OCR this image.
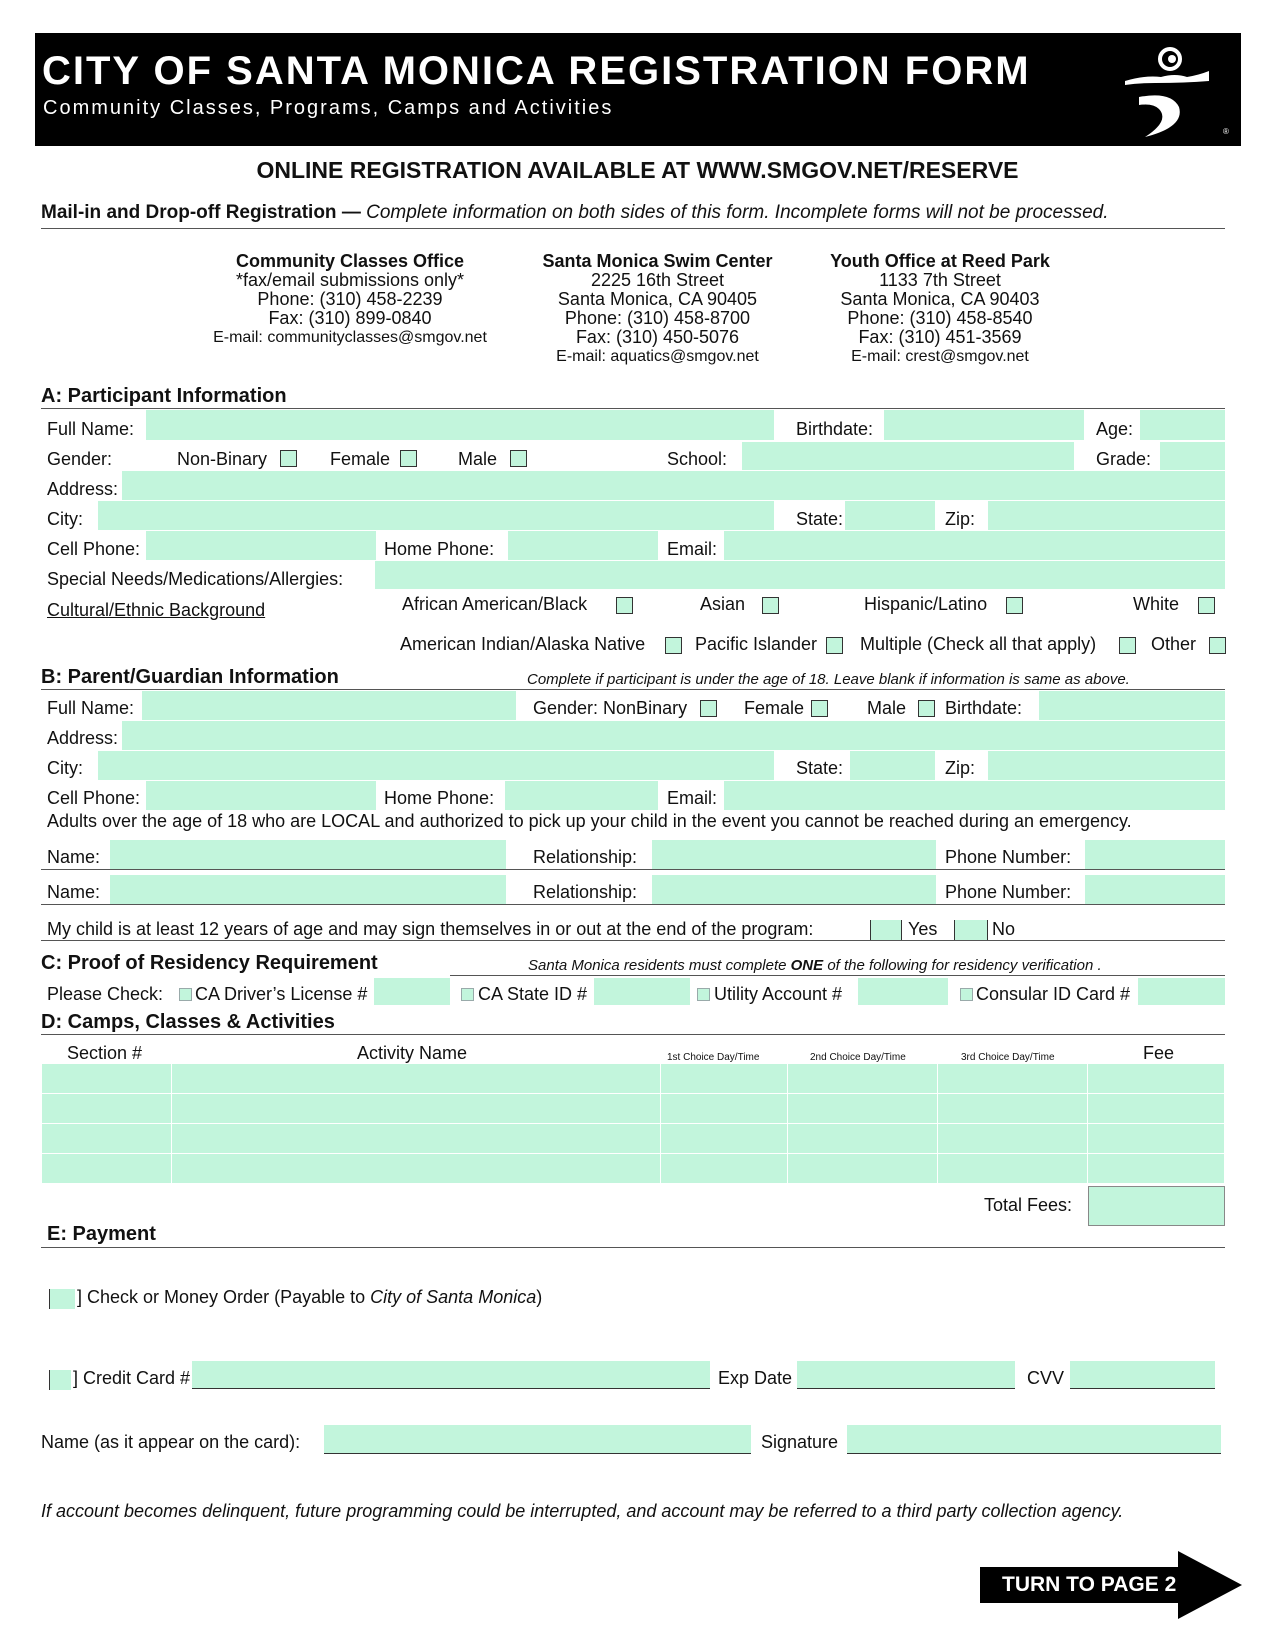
CITY OF SANTA MONICA REGISTRATION FORM
Community Classes, Programs, Camps and Activities
®
ONLINE REGISTRATION AVAILABLE AT WWW.SMGOV.NET/RESERVE
Mail-in and Drop-off Registration — Complete information on both sides of this form. Incomplete forms will not be processed.
Community Classes Office
*fax/email submissions only*
Phone: (310) 458-2239
Fax: (310) 899-0840
E-mail: communityclasses@smgov.net
Santa Monica Swim Center
2225 16th Street
Santa Monica, CA 90405
Phone: (310) 458-8700
Fax: (310) 450-5076
E-mail: aquatics@smgov.net
Youth Office at Reed Park
1133 7th Street
Santa Monica, CA 90403
Phone: (310) 458-8540
Fax: (310) 451-3569
E-mail: crest@smgov.net
A: Participant Information
Full Name:	Birthdate:	Age:
Gender:	Non-Binary	Female	Male	School:	Grade:
Address:
City:	State:	Zip:
Cell Phone:	Home Phone:	Email:
Special Needs/Medications/Allergies:
Cultural/Ethnic Background	African American/Black	Asian	Hispanic/Latino	White
American Indian/Alaska Native	Pacific Islander Multiple (Check all that apply)	Other
B: Parent/Guardian Information	Complete if participant is under the age of 18. Leave blank if information is same as above.
Full Name:	Gender: NonBinary	Female	Male Birthdate:
Address:
City:	State:	Zip:
Cell Phone:	Home Phone:	Email:
Adults over the age of 18 who are LOCAL and authorized to pick up your child in the event you cannot be reached during an emergency.
Name:	Relationship:	Phone Number:
Name:	Relationship:	Phone Number:
My child is at least 12 years of age and may sign themselves in or out at the end of the program:	Yes	No
C: Proof of Residency Requirement	Santa Monica residents must complete ONE of the following for residency verification .
Please Check: CA Driver’s License #	CA State ID #	Utility Account #	Consular ID Card #
D: Camps, Classes & Activities
Section #	Activity Name	1st Choice Day/Time	2nd Choice Day/Time	3rd Choice Day/Time	Fee

Total Fees:
E: Payment
] Check or Money Order (Payable to City of Santa Monica)
] Credit Card #	Exp Date	CVV
Name (as it appear on the card):	Signature
If account becomes delinquent, future programming could be interrupted, and account may be referred to a third party collection agency.
TURN TO PAGE 2
